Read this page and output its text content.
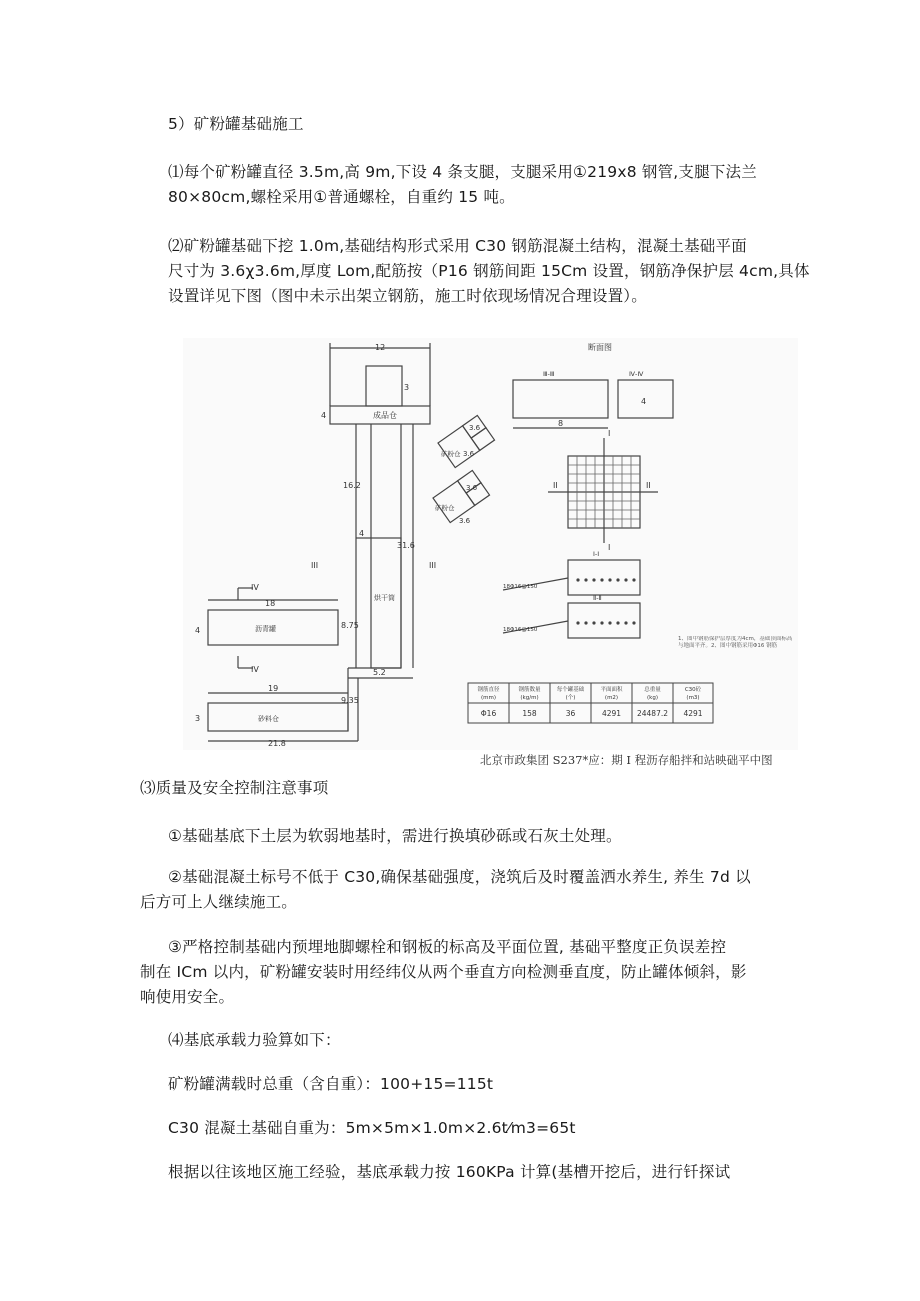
5）矿粉罐基础施工
⑴每个矿粉罐直径 3.5m,高 9m,下设 4 条支腿，支腿采用①219x8 钢管,支腿下法兰
80×80cm,螺栓采用①普通螺栓，自重约 15 吨。
⑵矿粉罐基础下挖 1.0m,基础结构形式采用 C30 钢筋混凝土结构，混凝土基础平面
尺寸为 3.6χ3.6m,厚度 Lom,配筋按（P16 钢筋间距 15Cm 设置，钢筋净保护层 4cm,具体
设置详见下图（图中未示出架立钢筋，施工时依现场情况合理设置）。
成品仓
矿粉仓
矿粉仓
烘干筒
沥青罐
砂料仓
断面图
12
3
4
3.6
3.6
3.6
3.6
16.2
31.6
4
18
4
8.75
19
5.2
9.35
3
21.8
8
4
III	III
IV
IV
Ⅲ-Ⅲ	Ⅳ-Ⅳ
I
I
II	II
Ⅰ-Ⅰ
Ⅱ-Ⅱ
18Φ16@150
18Φ16@150
1、图中钢筋保护层厚度为4cm，基础顶面标高与地面平齐。2、图中钢筋采用Φ16 钢筋
钢筋直径	钢筋数量	每个罐基础	平面面积	总重量	C30砼
(mm)	(kg/m)	(个)	(m2)	(kg)	(m3)
Φ16	158	36	4291 24487.2 4291
北京市政集团 S237*应：期 I 程沥存船拌和站映础平中图
⑶质量及安全控制注意事项
①基础基底下土层为软弱地基时，需进行换填砂砾或石灰土处理。
②基础混凝土标号不低于 C30,确保基础强度，浇筑后及时覆盖洒水养生, 养生 7d 以
后方可上人继续施工。
③严格控制基础内预埋地脚螺栓和钢板的标高及平面位置, 基础平整度正负误差控
制在 ICm 以内，矿粉罐安装时用经纬仪从两个垂直方向检测垂直度，防止罐体倾斜，影
响使用安全。
⑷基底承载力验算如下：
矿粉罐满载时总重（含自重）：100+15=115t
C30 混凝土基础自重为：5m×5m×1.0m×2.6t⁄m3=65t
根据以往该地区施工经验，基底承载力按 160KPa 计算(基槽开挖后，进行钎探试
